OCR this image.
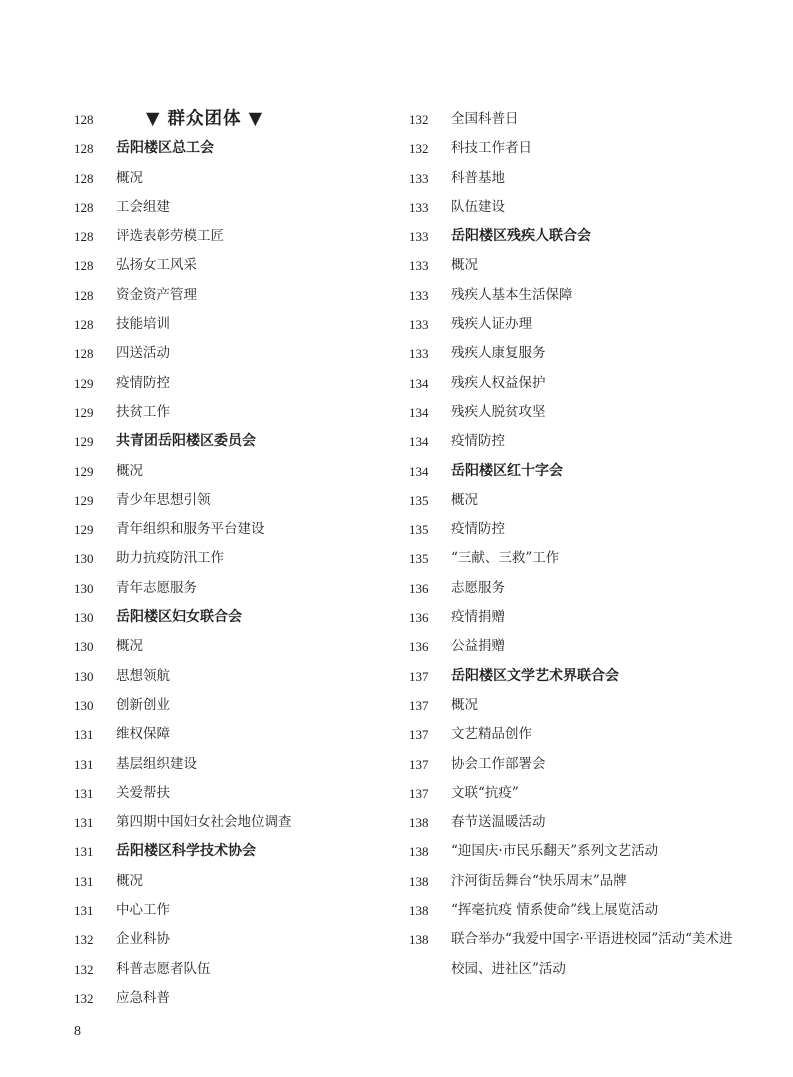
128	▼ 群众团体 ▼
128	岳阳楼区总工会
128	概况
128	工会组建
128	评选表彰劳模工匠
128	弘扬女工风采
128	资金资产管理
128	技能培训
128	四送活动
129	疫情防控
129	扶贫工作
129	共青团岳阳楼区委员会
129	概况
129	青少年思想引领
129	青年组织和服务平台建设
130	助力抗疫防汛工作
130	青年志愿服务
130	岳阳楼区妇女联合会
130	概况
130	思想领航
130	创新创业
131	维权保障
131	基层组织建设
131	关爱帮扶
131	第四期中国妇女社会地位调查
131	岳阳楼区科学技术协会
131	概况
131	中心工作
132	企业科协
132	科普志愿者队伍
132	应急科普
132	全国科普日
132	科技工作者日
133	科普基地
133	队伍建设
133	岳阳楼区残疾人联合会
133	概况
133	残疾人基本生活保障
133	残疾人证办理
133	残疾人康复服务
134	残疾人权益保护
134	残疾人脱贫攻坚
134	疫情防控
134	岳阳楼区红十字会
135	概况
135	疫情防控
135	“三献、三救”工作
136	志愿服务
136	疫情捐赠
136	公益捐赠
137	岳阳楼区文学艺术界联合会
137	概况
137	文艺精品创作
137	协会工作部署会
137	文联“抗疫”
138	春节送温暖活动
138	“迎国庆·市民乐翻天”系列文艺活动
138	汴河街岳舞台“快乐周末”品牌
138	“挥毫抗疫 情系使命”线上展览活动
138	联合举办“我爱中国字·平语进校园”活动“美术进校园、进社区”活动
8
